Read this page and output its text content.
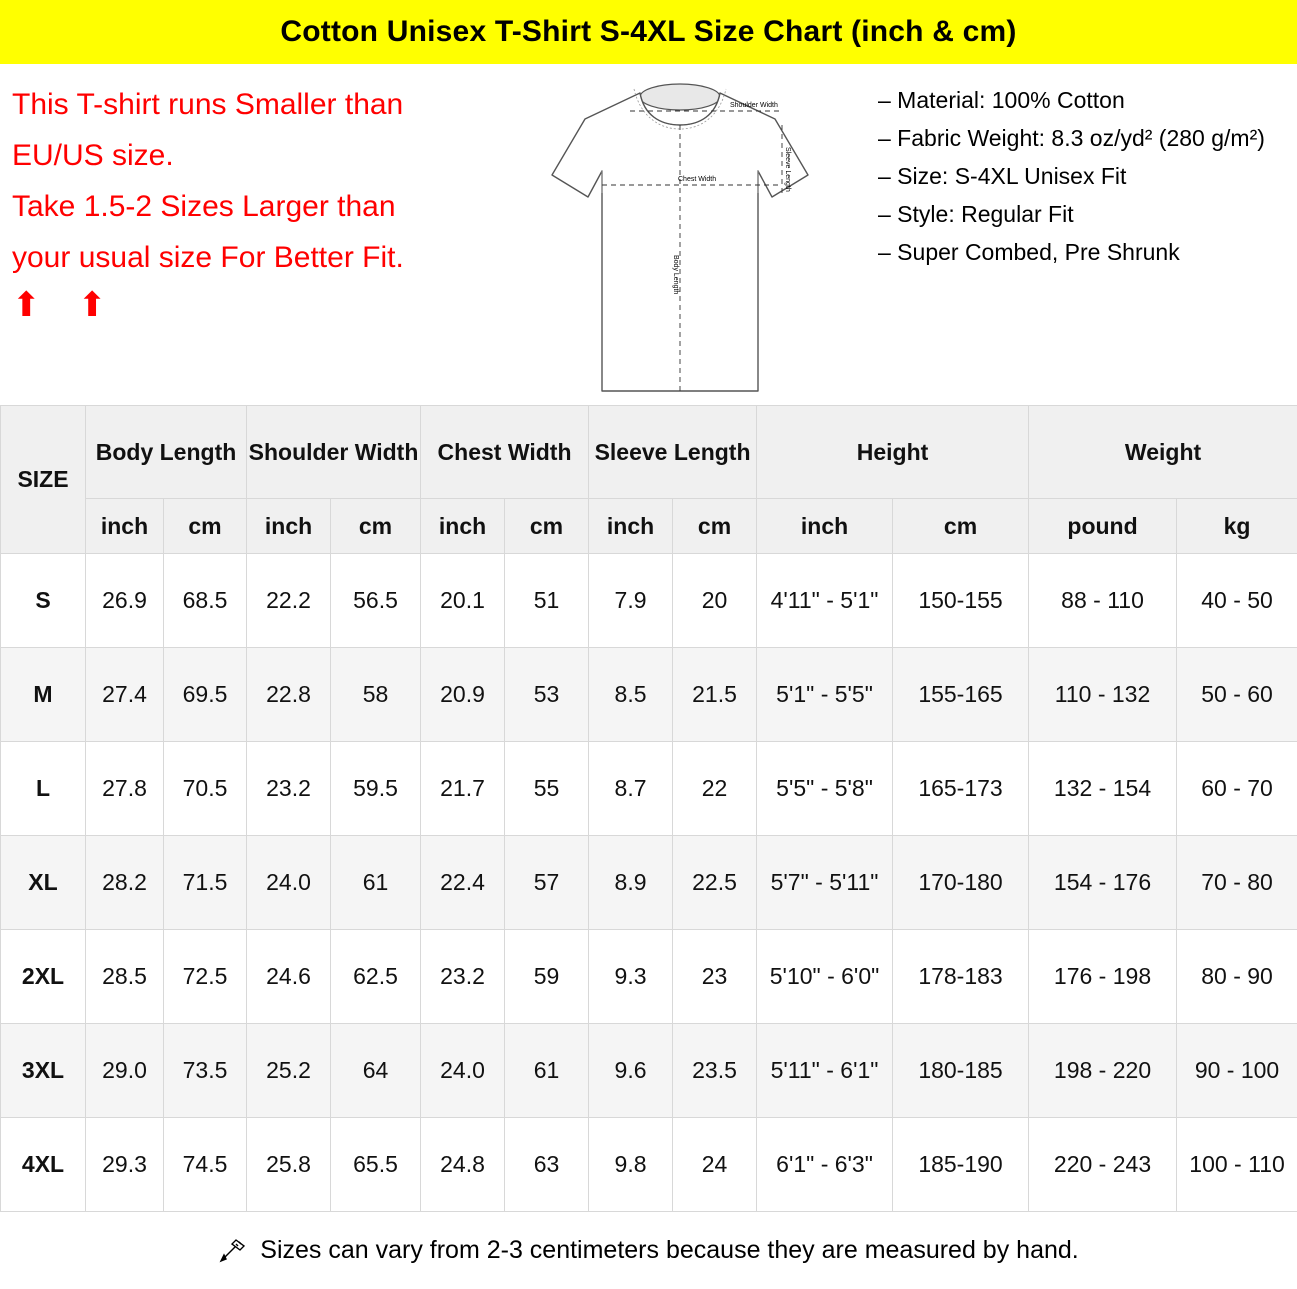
Cotton Unisex T-Shirt S-4XL Size Chart (inch & cm)
This T-shirt runs Smaller than
EU/US size.
Take 1.5-2 Sizes Larger than
your usual size For Better Fit.
⬆ ⬆
Shoulder Width
Chest Width
Body Length
Sleeve Length
– Material: 100% Cotton
– Fabric Weight: 8.3 oz/yd² (280 g/m²)
– Size: S-4XL Unisex Fit
– Style: Regular Fit
– Super Combed, Pre Shrunk
SIZE	Body Length		Shoulder Width		Chest Width		Sleeve Length		Height		Weight	
	inch	cm	inch	cm	inch	cm	inch	cm	inch	cm	pound	kg
S	26.9	68.5	22.2	56.5	20.1	51	7.9	20	4'11" - 5'1"	150-155	88 - 110	40 - 50
M	27.4	69.5	22.8	58	20.9	53	8.5	21.5	5'1" - 5'5"	155-165	110 - 132	50 - 60
L	27.8	70.5	23.2	59.5	21.7	55	8.7	22	5'5" - 5'8"	165-173	132 - 154	60 - 70
XL	28.2	71.5	24.0	61	22.4	57	8.9	22.5	5'7" - 5'11"	170-180	154 - 176	70 - 80
2XL	28.5	72.5	24.6	62.5	23.2	59	9.3	23	5'10" - 6'0"	178-183	176 - 198	80 - 90
3XL	29.0	73.5	25.2	64	24.0	61	9.6	23.5	5'11" - 6'1"	180-185	198 - 220	90 - 100
4XL	29.3	74.5	25.8	65.5	24.8	63	9.8	24	6'1" - 6'3"	185-190	220 - 243	100 - 110
Sizes can vary from 2-3 centimeters because they are measured by hand.
